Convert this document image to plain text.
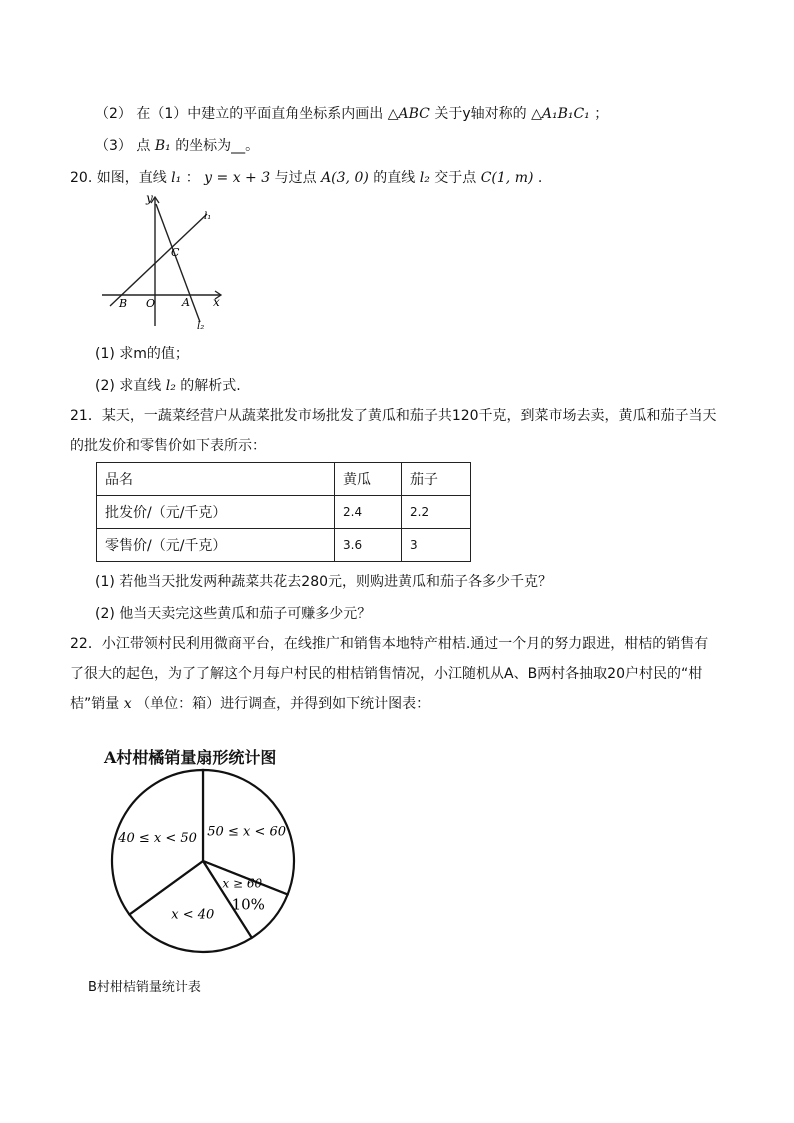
（2） 在（1）中建立的平面直角坐标系内画出 △ABC 关于y轴对称的 △A₁B₁C₁ ；
（3） 点 B₁ 的坐标为__。
20. 如图，直线 l₁ ： y = x + 3 与过点 A(3, 0) 的直线 l₂ 交于点 C(1, m) .
y
x
O
B	A
C
l₁
l₂
(1) 求m的值；
(2) 求直线 l₂ 的解析式.
21．某天，一蔬菜经营户从蔬菜批发市场批发了黄瓜和茄子共120千克，到菜市场去卖，黄瓜和茄子当天
的批发价和零售价如下表所示：
品名	黄瓜	茄子
批发价/（元/千克）	2.4	2.2
零售价/（元/千克）	3.6	3
(1) 若他当天批发两种蔬菜共花去280元，则购进黄瓜和茄子各多少千克？
(2) 他当天卖完这些黄瓜和茄子可赚多少元？
22．小江带领村民利用微商平台，在线推广和销售本地特产柑桔.通过一个月的努力跟进，柑桔的销售有
了很大的起色，为了了解这个月每户村民的柑桔销售情况，小江随机从A、B两村各抽取20户村民的“柑
桔”销量 x （单位：箱）进行调查，并得到如下统计图表：
A村柑橘销量扇形统计图
50 ≤ x < 60
x ≥ 60
10%
x < 40
40 ≤ x < 50
B村柑桔销量统计表
